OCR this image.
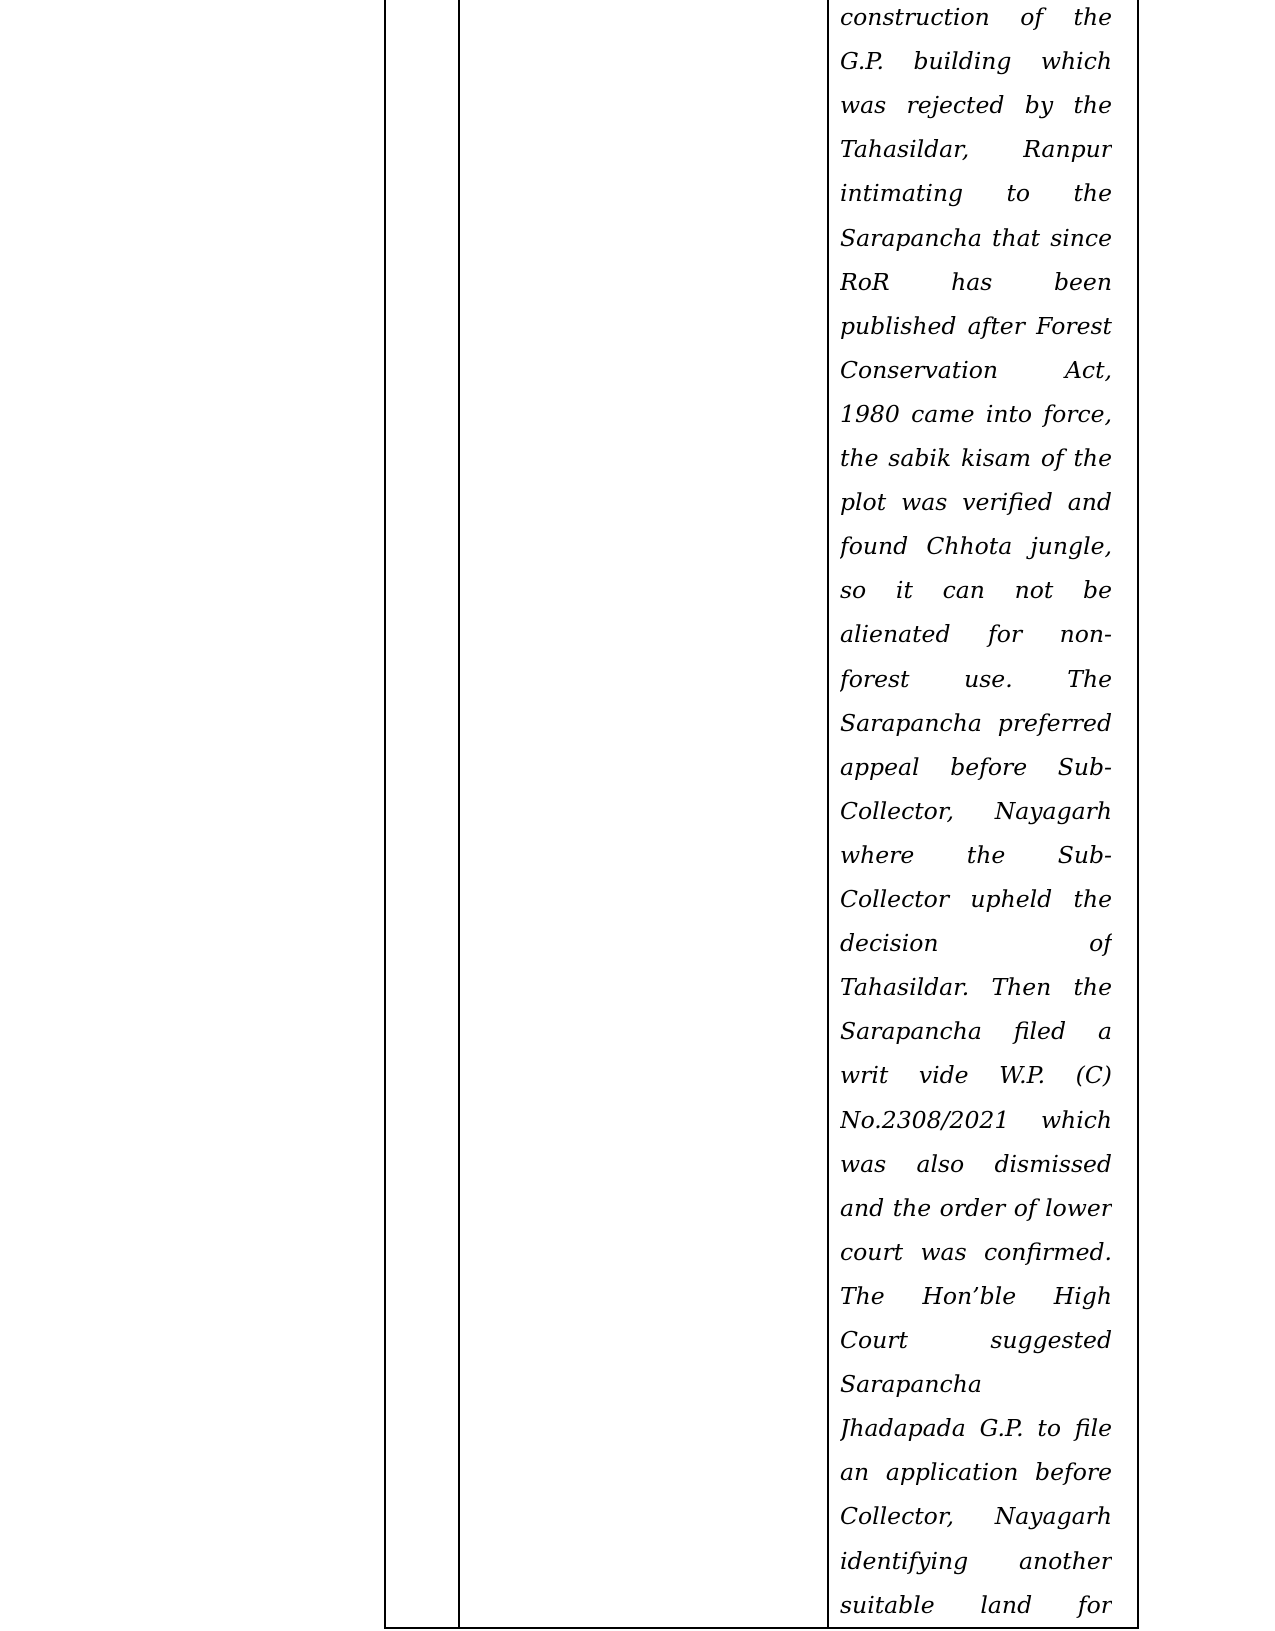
construction of the
G.P. building which
was rejected by the
Tahasildar, Ranpur
intimating to the
Sarapancha that since
RoR	has	been
published after Forest
Conservation	Act,
1980 came into force,
the sabik kisam of the
plot was verified and
found Chhota jungle,
so it can not be
alienated for non-
forest use. The
Sarapancha preferred
appeal before Sub-
Collector, Nayagarh
where the Sub-
Collector upheld the
decision	of
Tahasildar. Then the
Sarapancha filed a
writ vide W.P. (C)
No.2308/2021 which
was also dismissed
and the order of lower
court was confirmed.
The Hon’ble High
Court	suggested
Sarapancha
Jhadapada G.P. to file
an application before
Collector, Nayagarh
identifying another
suitable land for
